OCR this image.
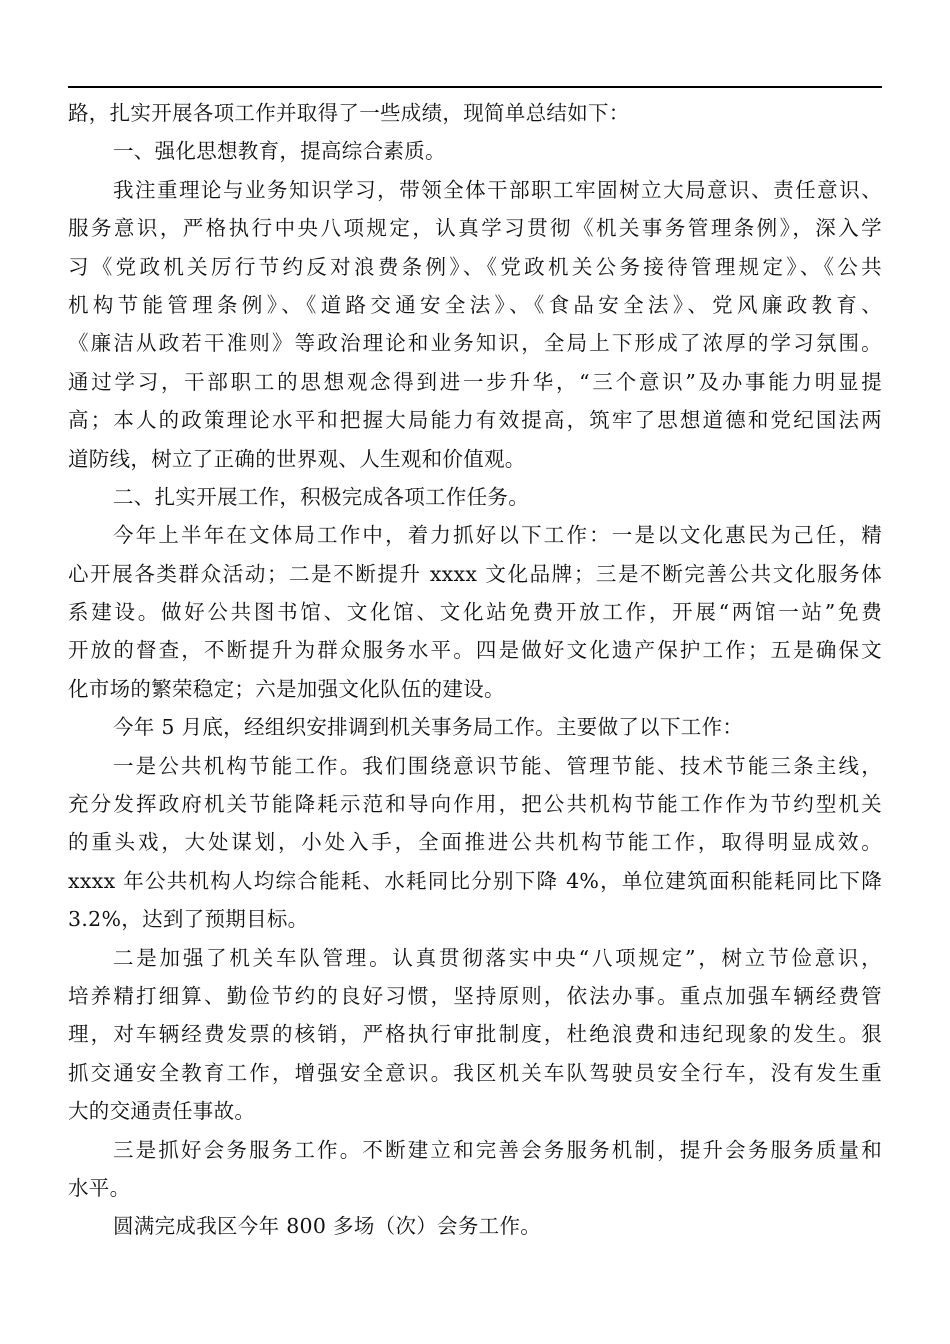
路，扎实开展各项工作并取得了一些成绩，现简单总结如下：
一、强化思想教育，提高综合素质。
我注重理论与业务知识学习，带领全体干部职工牢固树立大局意识、责任意识、
服务意识，严格执行中央八项规定，认真学习贯彻《机关事务管理条例》，深入学
习《党政机关厉行节约反对浪费条例》、《党政机关公务接待管理规定》、《公共
机构节能管理条例》、《道路交通安全法》、《食品安全法》、党风廉政教育、
《廉洁从政若干准则》等政治理论和业务知识，全局上下形成了浓厚的学习氛围。
通过学习，干部职工的思想观念得到进一步升华，“三个意识”及办事能力明显提
高；本人的政策理论水平和把握大局能力有效提高，筑牢了思想道德和党纪国法两
道防线，树立了正确的世界观、人生观和价值观。
二、扎实开展工作，积极完成各项工作任务。
今年上半年在文体局工作中，着力抓好以下工作：一是以文化惠民为己任，精
心开展各类群众活动；二是不断提升 xxxx 文化品牌；三是不断完善公共文化服务体
系建设。做好公共图书馆、文化馆、文化站免费开放工作，开展“两馆一站”免费
开放的督查，不断提升为群众服务水平。四是做好文化遗产保护工作；五是确保文
化市场的繁荣稳定；六是加强文化队伍的建设。
今年 5 月底，经组织安排调到机关事务局工作。主要做了以下工作：
一是公共机构节能工作。我们围绕意识节能、管理节能、技术节能三条主线，
充分发挥政府机关节能降耗示范和导向作用，把公共机构节能工作作为节约型机关
的重头戏，大处谋划，小处入手，全面推进公共机构节能工作，取得明显成效。
xxxx 年公共机构人均综合能耗、水耗同比分别下降 4%，单位建筑面积能耗同比下降
3.2%，达到了预期目标。
二是加强了机关车队管理。认真贯彻落实中央“八项规定”，树立节俭意识，
培养精打细算、勤俭节约的良好习惯，坚持原则，依法办事。重点加强车辆经费管
理，对车辆经费发票的核销，严格执行审批制度，杜绝浪费和违纪现象的发生。狠
抓交通安全教育工作，增强安全意识。我区机关车队驾驶员安全行车，没有发生重
大的交通责任事故。
三是抓好会务服务工作。不断建立和完善会务服务机制，提升会务服务质量和
水平。
圆满完成我区今年 800 多场（次）会务工作。
